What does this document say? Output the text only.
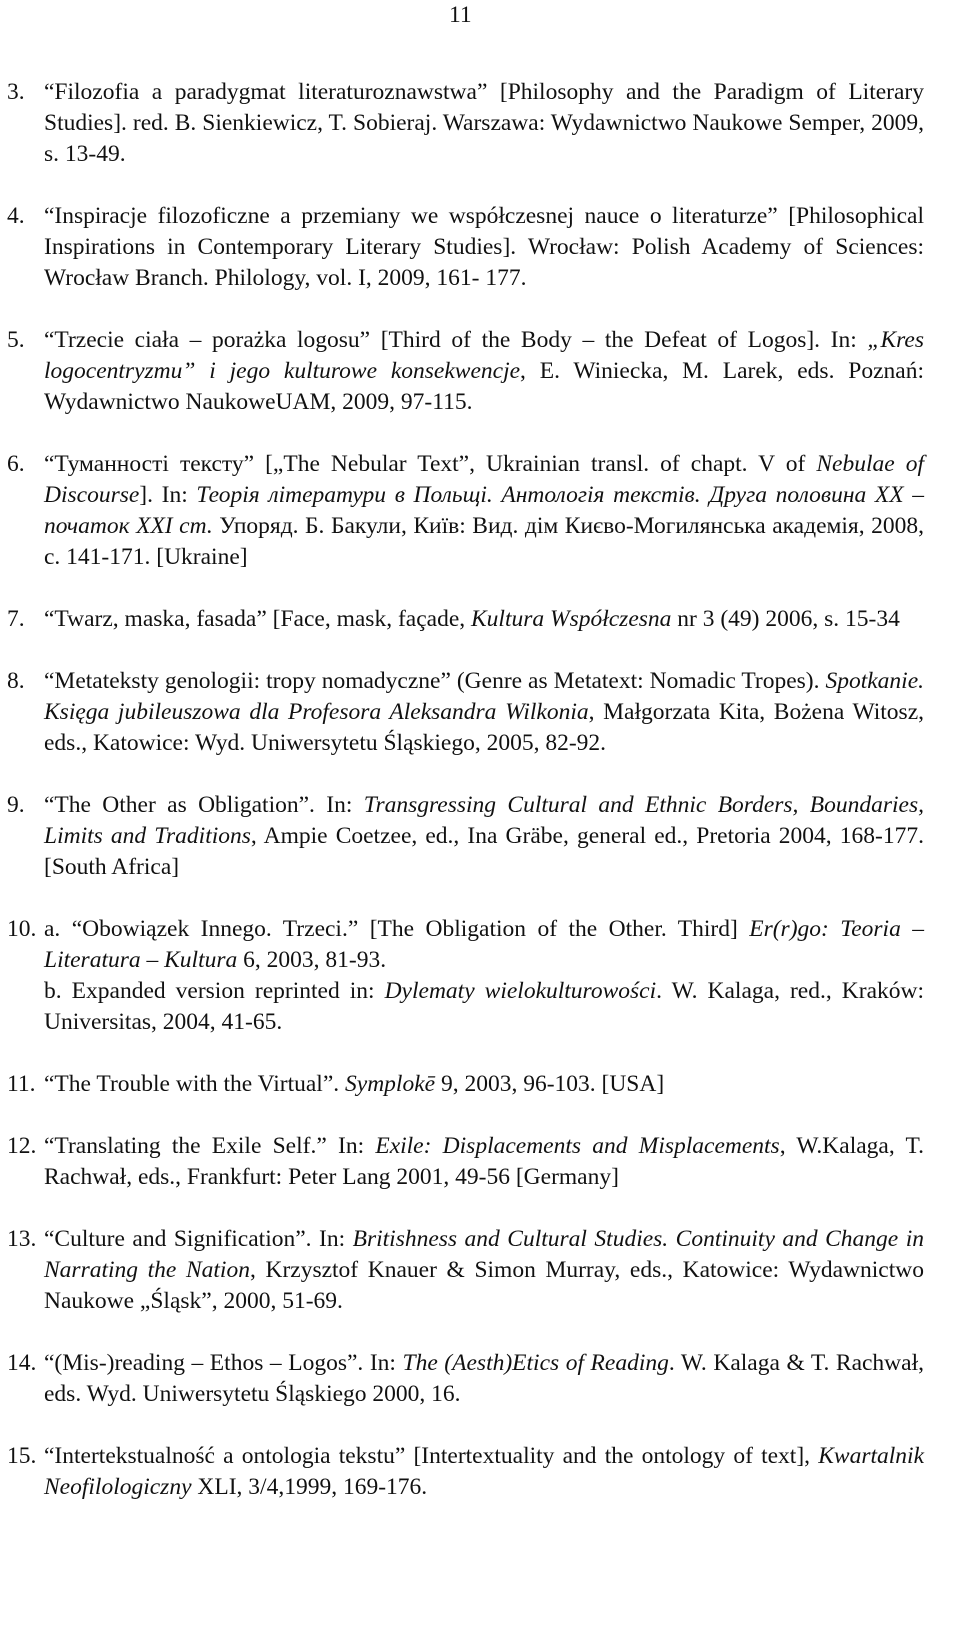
11
3. “Filozofia a paradygmat literaturoznawstwa” [Philosophy and the Paradigm of Literary Studies]. red. B. Sienkiewicz, T. Sobieraj. Warszawa: Wydawnictwo Naukowe Semper, 2009, s. 13-49.
4. “Inspiracje filozoficzne a przemiany we współczesnej nauce o literaturze” [Philosophical Inspirations in Contemporary Literary Studies]. Wrocław: Polish Academy of Sciences: Wrocław Branch. Philology, vol. I, 2009, 161- 177.
5. “Trzecie ciała – porażka logosu” [Third of the Body – the Defeat of Logos]. In: „Kres logocentryzmu” i jego kulturowe konsekwencje, E. Winiecka, M. Larek, eds. Poznań: Wydawnictwo NaukoweUAM, 2009, 97-115.
6. “Туманності тексту” [„The Nebular Text”, Ukrainian transl. of chapt. V of Nebulae of Discourse]. In: Теорія літератури в Польщі. Антологія текстів. Друга половина XX – початок XXI ст. Упоряд. Б. Бакули, Київ: Вид. дім Києво-Могилянська академія, 2008, с. 141-171. [Ukraine]
7. “Twarz, maska, fasada” [Face, mask, façade, Kultura Współczesna nr 3 (49) 2006, s. 15-34
8. “Metateksty genologii: tropy nomadyczne” (Genre as Metatext: Nomadic Tropes). Spotkanie. Księga jubileuszowa dla Profesora Aleksandra Wilkonia, Małgorzata Kita, Bożena Witosz, eds., Katowice: Wyd. Uniwersytetu Śląskiego, 2005, 82-92.
9. “The Other as Obligation”. In: Transgressing Cultural and Ethnic Borders, Boundaries, Limits and Traditions, Ampie Coetzee, ed., Ina Gräbe, general ed., Pretoria 2004, 168-177. [South Africa]
10. a. “Obowiązek Innego. Trzeci.” [The Obligation of the Other. Third] Er(r)go: Teoria – Literatura – Kultura 6, 2003, 81-93.
b. Expanded version reprinted in: Dylematy wielokulturowości. W. Kalaga, red., Kraków: Universitas, 2004, 41-65.
11. “The Trouble with the Virtual”. Symplokē 9, 2003, 96-103. [USA]
12. “Translating the Exile Self.” In: Exile: Displacements and Misplacements, W.Kalaga, T. Rachwał, eds., Frankfurt: Peter Lang 2001, 49-56 [Germany]
13. “Culture and Signification”. In: Britishness and Cultural Studies. Continuity and Change in Narrating the Nation, Krzysztof Knauer & Simon Murray, eds., Katowice: Wydawnictwo Naukowe „Śląsk”, 2000, 51-69.
14. “(Mis-)reading – Ethos – Logos”. In: The (Aesth)Etics of Reading. W. Kalaga & T. Rachwał, eds. Wyd. Uniwersytetu Śląskiego 2000, 16.
15. “Intertekstualność a ontologia tekstu” [Intertextuality and the ontology of text], Kwartalnik Neofilologiczny XLI, 3/4,1999, 169-176.
